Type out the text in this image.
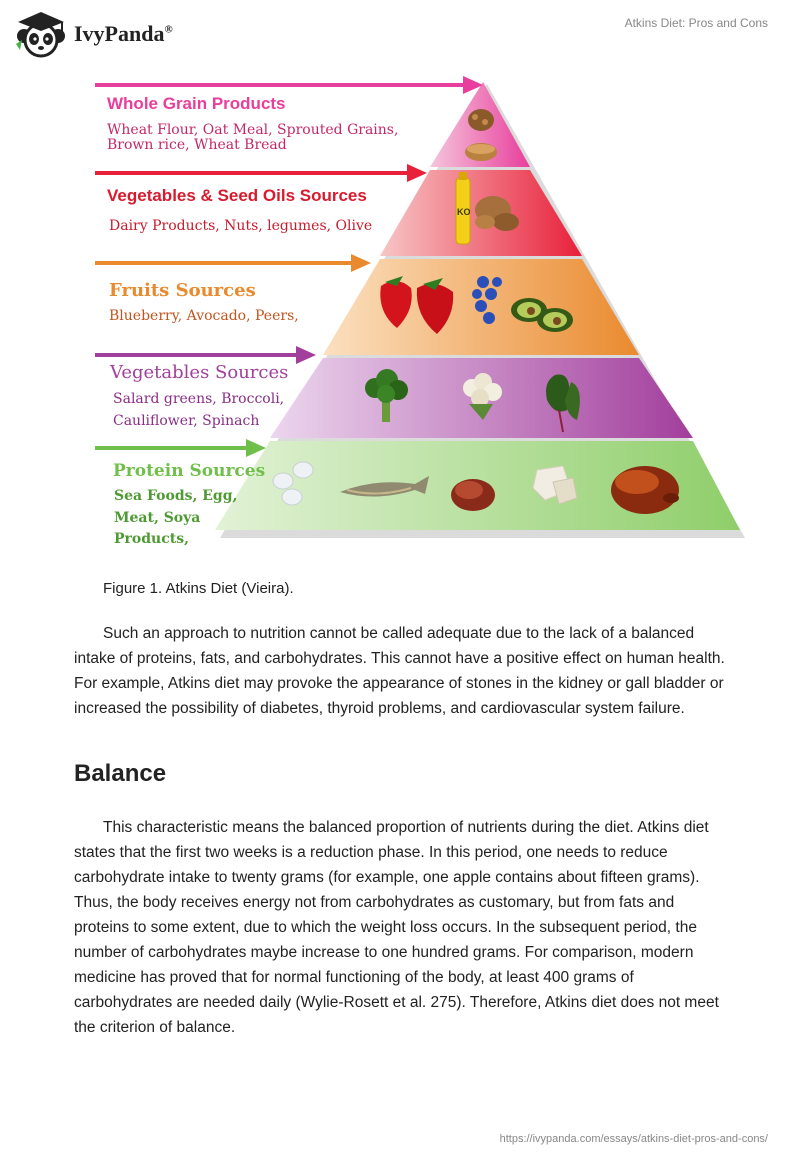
IvyPanda®	Atkins Diet: Pros and Cons
Whole Grain Products
Wheat Flour, Oat Meal, Sprouted Grains,
Brown rice, Wheat Bread
Vegetables & Seed Oils Sources
Dairy Products, Nuts, legumes, Olive
Fruits Sources
Blueberry, Avocado, Peers,
Vegetables Sources
Salard greens, Broccoli,
Cauliflower, Spinach
Protein Sources
Sea Foods, Egg,
Meat, Soya
Products,
KO
Figure 1. Atkins Diet (Vieira).

Such an approach to nutrition cannot be called adequate due to the lack of a balanced intake of proteins, fats, and carbohydrates. This cannot have a positive effect on human health. For example, Atkins diet may provoke the appearance of stones in the kidney or gall bladder or increased the possibility of diabetes, thyroid problems, and cardiovascular system failure.

Balance

This characteristic means the balanced proportion of nutrients during the diet. Atkins diet states that the first two weeks is a reduction phase. In this period, one needs to reduce carbohydrate intake to twenty grams (for example, one apple contains about fifteen grams). Thus, the body receives energy not from carbohydrates as customary, but from fats and proteins to some extent, due to which the weight loss occurs. In the subsequent period, the number of carbohydrates maybe increase to one hundred grams. For comparison, modern medicine has proved that for normal functioning of the body, at least 400 grams of carbohydrates are needed daily (Wylie-Rosett et al. 275). Therefore, Atkins diet does not meet the criterion of balance.

https://ivypanda.com/essays/atkins-diet-pros-and-cons/
